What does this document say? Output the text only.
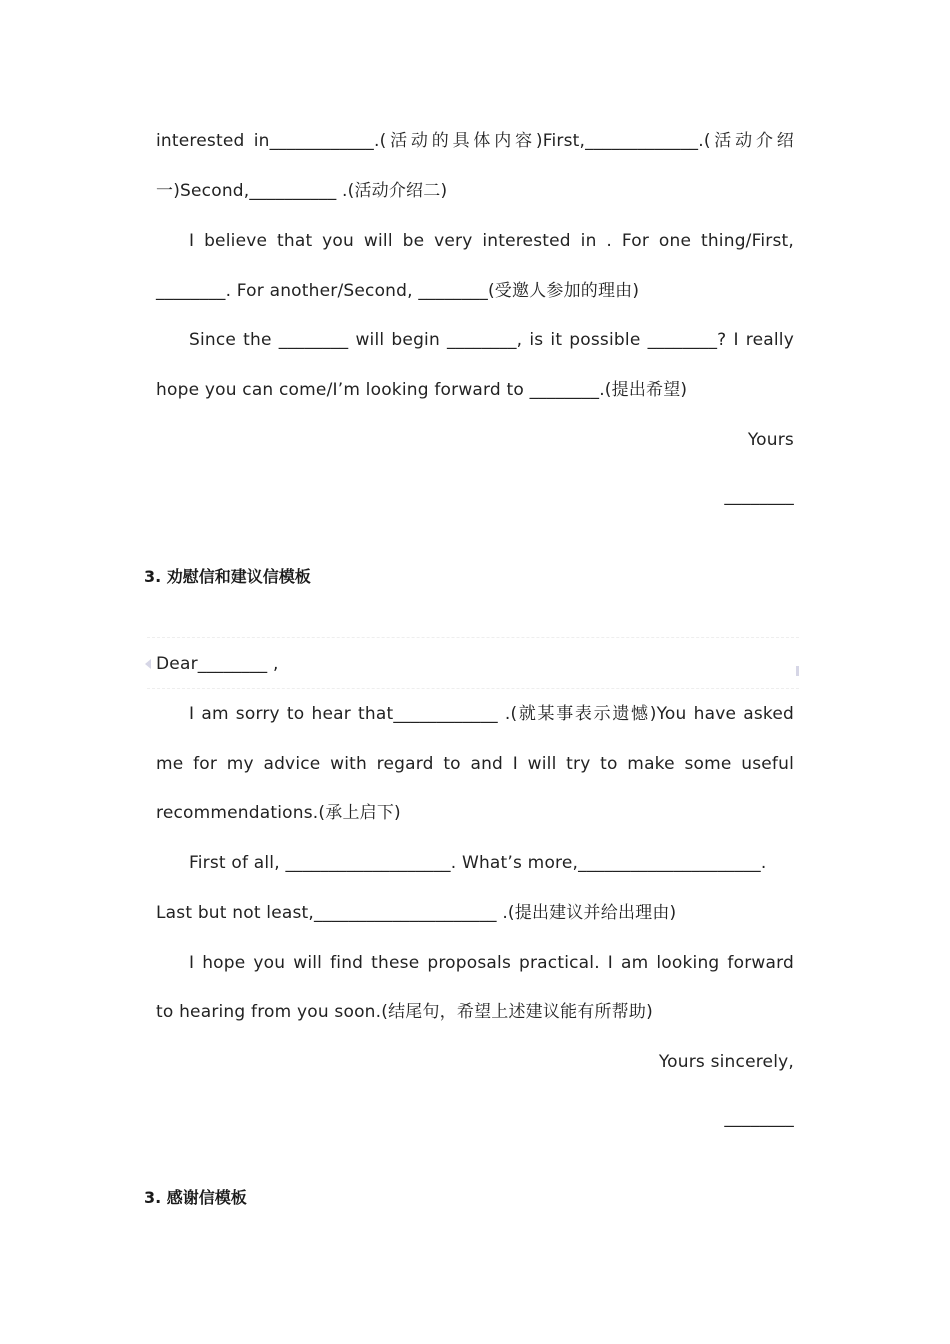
interested in____________.(活动的具体内容)First,_____________.(活动介绍
一)Second,__________ .(活动介绍二)
I believe that you will be very interested in . For one thing/First,
________. For another/Second, ________(受邀人参加的理由)
Since the ________ will begin ________, is it possible ________? I really
hope you can come/I’m looking forward to ________.(提出希望)
Yours
________
3. 劝慰信和建议信模板
Dear________ ,
I am sorry to hear that____________ .(就某事表示遗憾)You have asked
me for my advice with regard to and I will try to make some useful
recommendations.(承上启下)
First of all, ___________________. What’s more,_____________________.
Last but not least,_____________________ .(提出建议并给出理由)
I hope you will find these proposals practical. I am looking forward
to hearing from you soon.(结尾句，希望上述建议能有所帮助)
Yours sincerely,
________
3. 感谢信模板
